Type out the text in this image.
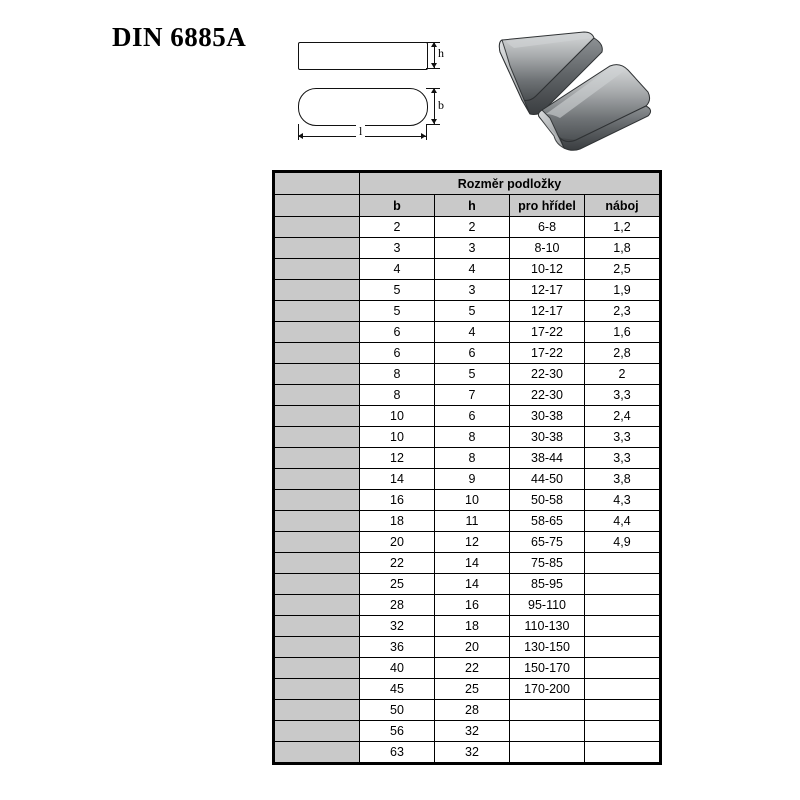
DIN 6885A
h
b
l
	Rozměr podložky			
	b	h	pro hřídel	náboj
	2	2	6-8	1,2
	3	3	8-10	1,8
	4	4	10-12	2,5
	5	3	12-17	1,9
	5	5	12-17	2,3
	6	4	17-22	1,6
	6	6	17-22	2,8
	8	5	22-30	2
	8	7	22-30	3,3
	10	6	30-38	2,4
	10	8	30-38	3,3
	12	8	38-44	3,3
	14	9	44-50	3,8
	16	10	50-58	4,3
	18	11	58-65	4,4
	20	12	65-75	4,9
	22	14	75-85	
	25	14	85-95	
	28	16	95-110	
	32	18	110-130	
	36	20	130-150	
	40	22	150-170	
	45	25	170-200	
	50	28		
	56	32		
	63	32		
